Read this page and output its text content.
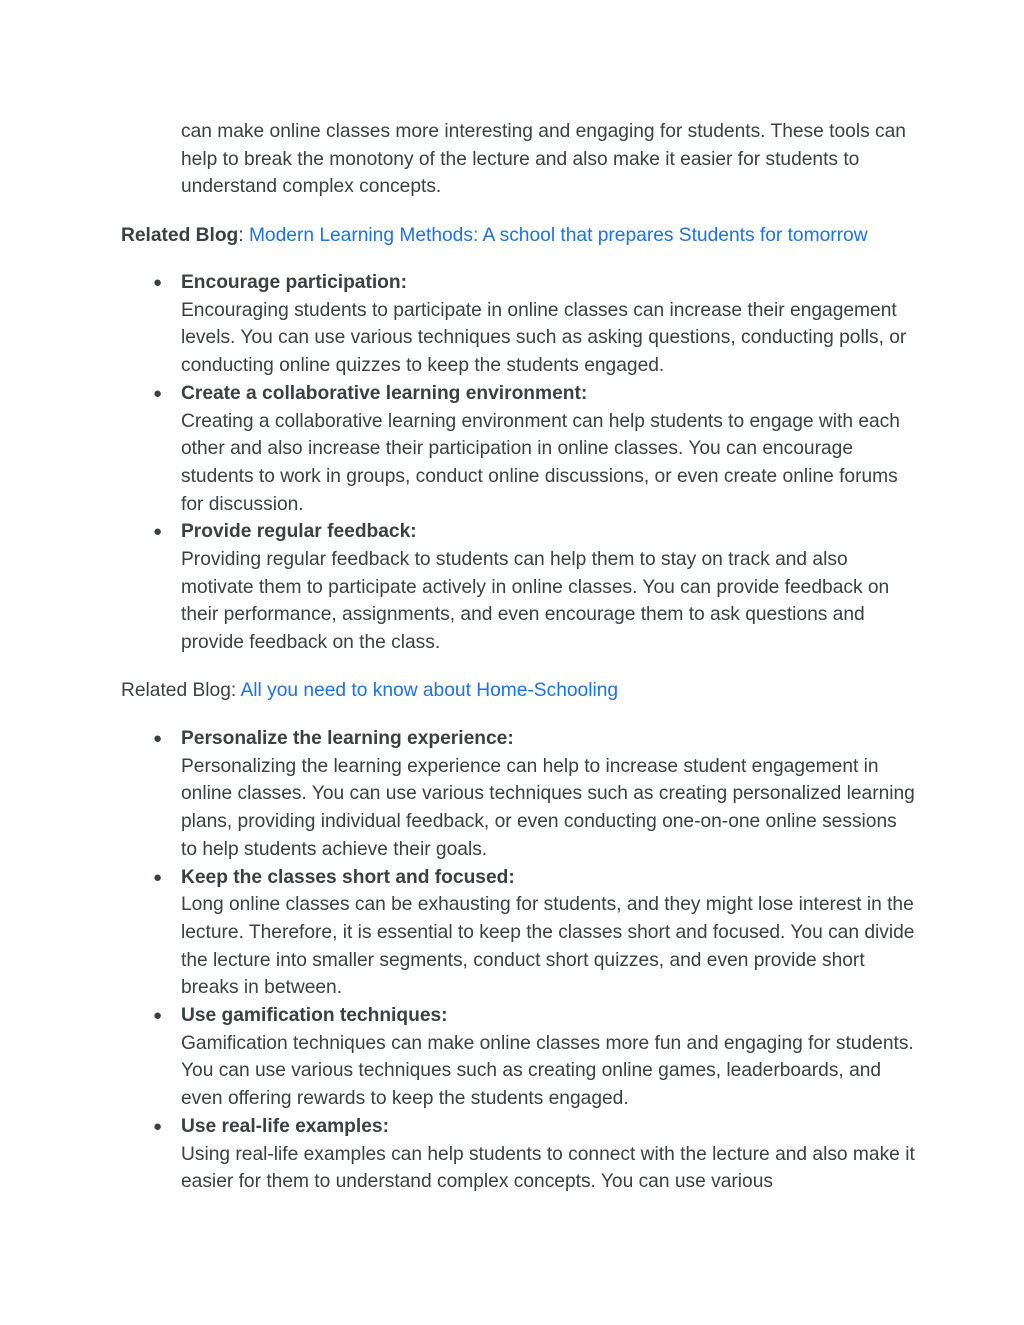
can make online classes more interesting and engaging for students. These tools can help to break the monotony of the lecture and also make it easier for students to understand complex concepts.

Related Blog: Modern Learning Methods: A school that prepares Students for tomorrow

● Encourage participation:
Encouraging students to participate in online classes can increase their engagement levels. You can use various techniques such as asking questions, conducting polls, or conducting online quizzes to keep the students engaged.
● Create a collaborative learning environment:
Creating a collaborative learning environment can help students to engage with each other and also increase their participation in online classes. You can encourage students to work in groups, conduct online discussions, or even create online forums for discussion.
● Provide regular feedback:
Providing regular feedback to students can help them to stay on track and also motivate them to participate actively in online classes. You can provide feedback on their performance, assignments, and even encourage them to ask questions and provide feedback on the class.

Related Blog: All you need to know about Home-Schooling

● Personalize the learning experience:
Personalizing the learning experience can help to increase student engagement in online classes. You can use various techniques such as creating personalized learning plans, providing individual feedback, or even conducting one-on-one online sessions to help students achieve their goals.
● Keep the classes short and focused:
Long online classes can be exhausting for students, and they might lose interest in the lecture. Therefore, it is essential to keep the classes short and focused. You can divide the lecture into smaller segments, conduct short quizzes, and even provide short breaks in between.
● Use gamification techniques:
Gamification techniques can make online classes more fun and engaging for students. You can use various techniques such as creating online games, leaderboards, and even offering rewards to keep the students engaged.
● Use real-life examples:
Using real-life examples can help students to connect with the lecture and also make it easier for them to understand complex concepts. You can use various
